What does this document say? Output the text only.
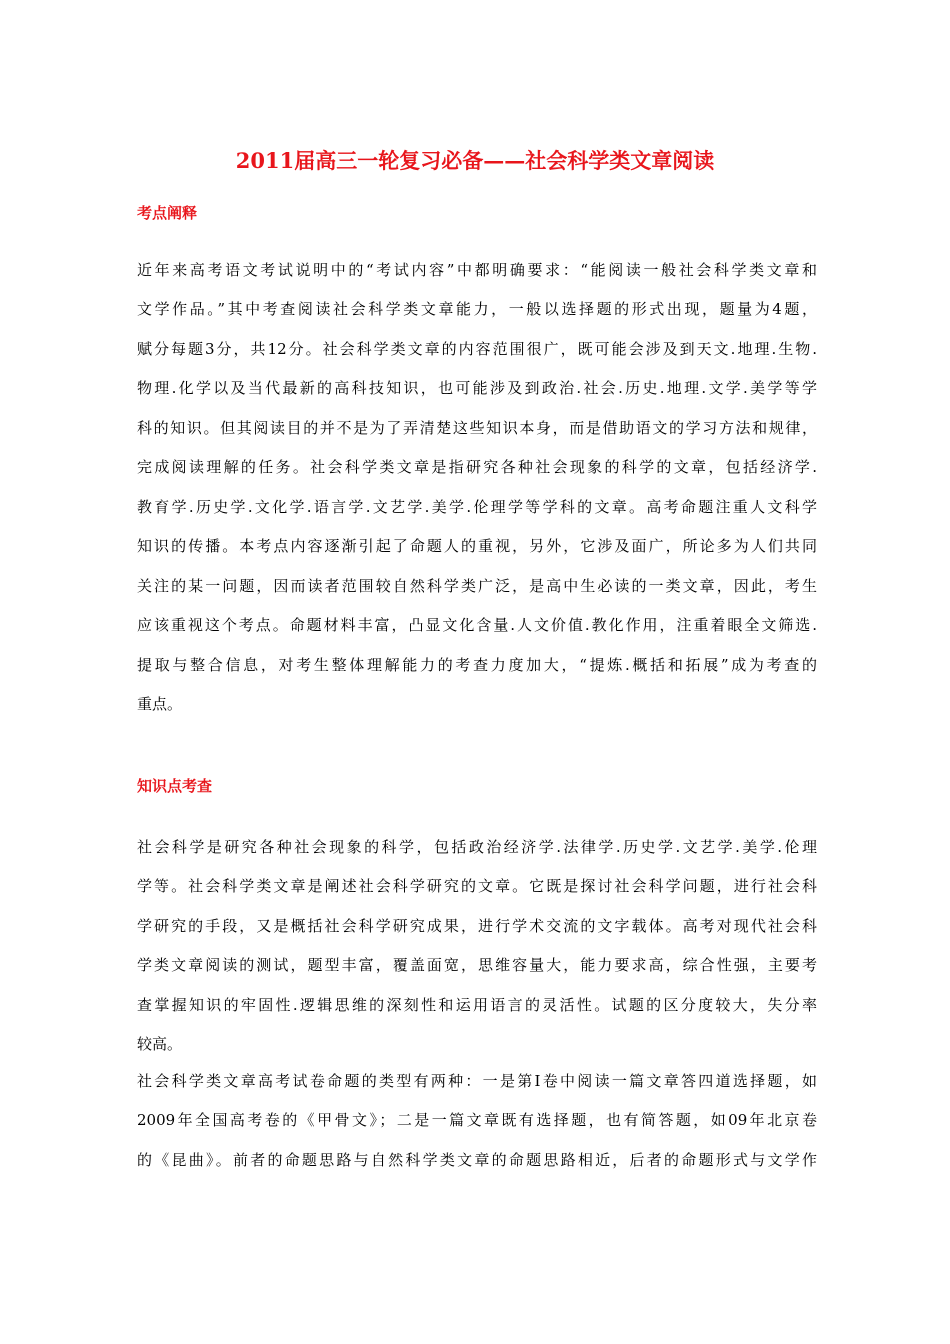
2011届高三一轮复习必备——社会科学类文章阅读
考点阐释
近年来高考语文考试说明中的“考试内容”中都明确要求：“能阅读一般社会科学类文章和
文学作品。”其中考查阅读社会科学类文章能力，一般以选择题的形式出现，题量为4题，
赋分每题3分，共12分。社会科学类文章的内容范围很广，既可能会涉及到天文.地理.生物.
物理.化学以及当代最新的高科技知识，也可能涉及到政治.社会.历史.地理.文学.美学等学
科的知识。但其阅读目的并不是为了弄清楚这些知识本身，而是借助语文的学习方法和规律，
完成阅读理解的任务。社会科学类文章是指研究各种社会现象的科学的文章，包括经济学.
教育学.历史学.文化学.语言学.文艺学.美学.伦理学等学科的文章。高考命题注重人文科学
知识的传播。本考点内容逐渐引起了命题人的重视，另外，它涉及面广，所论多为人们共同
关注的某一问题，因而读者范围较自然科学类广泛，是高中生必读的一类文章，因此，考生
应该重视这个考点。命题材料丰富，凸显文化含量.人文价值.教化作用，注重着眼全文筛选.
提取与整合信息，对考生整体理解能力的考查力度加大，“提炼.概括和拓展”成为考查的
重点。
知识点考查
社会科学是研究各种社会现象的科学，包括政治经济学.法律学.历史学.文艺学.美学.伦理
学等。社会科学类文章是阐述社会科学研究的文章。它既是探讨社会科学问题，进行社会科
学研究的手段，又是概括社会科学研究成果，进行学术交流的文字载体。高考对现代社会科
学类文章阅读的测试，题型丰富，覆盖面宽，思维容量大，能力要求高，综合性强，主要考
查掌握知识的牢固性.逻辑思维的深刻性和运用语言的灵活性。试题的区分度较大，失分率
较高。
社会科学类文章高考试卷命题的类型有两种：一是第Ⅰ卷中阅读一篇文章答四道选择题，如
2009年全国高考卷的《甲骨文》；二是一篇文章既有选择题，也有简答题，如09年北京卷
的《昆曲》。前者的命题思路与自然科学类文章的命题思路相近，后者的命题形式与文学作
